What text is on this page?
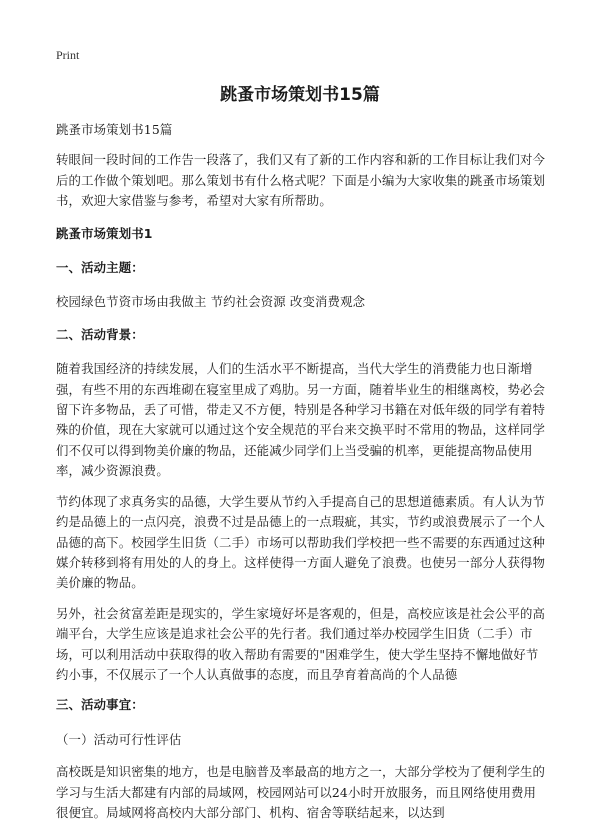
Print
跳蚤市场策划书15篇

跳蚤市场策划书15篇

转眼间一段时间的工作告一段落了，我们又有了新的工作内容和新的工作目标让我们对今后的工作做个策划吧。那么策划书有什么格式呢？下面是小编为大家收集的跳蚤市场策划书，欢迎大家借鉴与参考，希望对大家有所帮助。

跳蚤市场策划书1

一、活动主题：

校园绿色节资市场由我做主 节约社会资源 改变消费观念

二、活动背景：

随着我国经济的持续发展，人们的生活水平不断提高，当代大学生的消费能力也日渐增强，有些不用的东西堆砌在寝室里成了鸡肋。另一方面，随着毕业生的相继离校，势必会留下许多物品，丢了可惜，带走又不方便，特别是各种学习书籍在对低年级的同学有着特殊的价值，现在大家就可以通过这个安全规范的平台来交换平时不常用的物品，这样同学们不仅可以得到物美价廉的物品，还能减少同学们上当受骗的机率，更能提高物品使用率，减少资源浪费。

节约体现了求真务实的品德，大学生要从节约入手提高自己的思想道德素质。有人认为节约是品德上的一点闪亮，浪费不过是品德上的一点瑕疵，其实，节约或浪费展示了一个人品德的高下。校园学生旧货（二手）市场可以帮助我们学校把一些不需要的东西通过这种媒介转移到将有用处的人的身上。这样使得一方面人避免了浪费。也使另一部分人获得物美价廉的物品。

另外，社会贫富差距是现实的，学生家境好坏是客观的，但是，高校应该是社会公平的高端平台，大学生应该是追求社会公平的先行者。我们通过举办校园学生旧货（二手）市场，可以利用活动中获取得的收入帮助有需要的"困难学生，使大学生坚持不懈地做好节约小事，不仅展示了一个人认真做事的态度，而且孕育着高尚的个人品德

三、活动事宜：

（一）活动可行性评估

高校既是知识密集的地方，也是电脑普及率最高的地方之一，大部分学校为了便利学生的学习与生活大都建有内部的局域网，校园网站可以24小时开放服务，而且网络使用费用很便宜。局域网将高校内大部分部门、机构、宿舍等联结起来，以达到
